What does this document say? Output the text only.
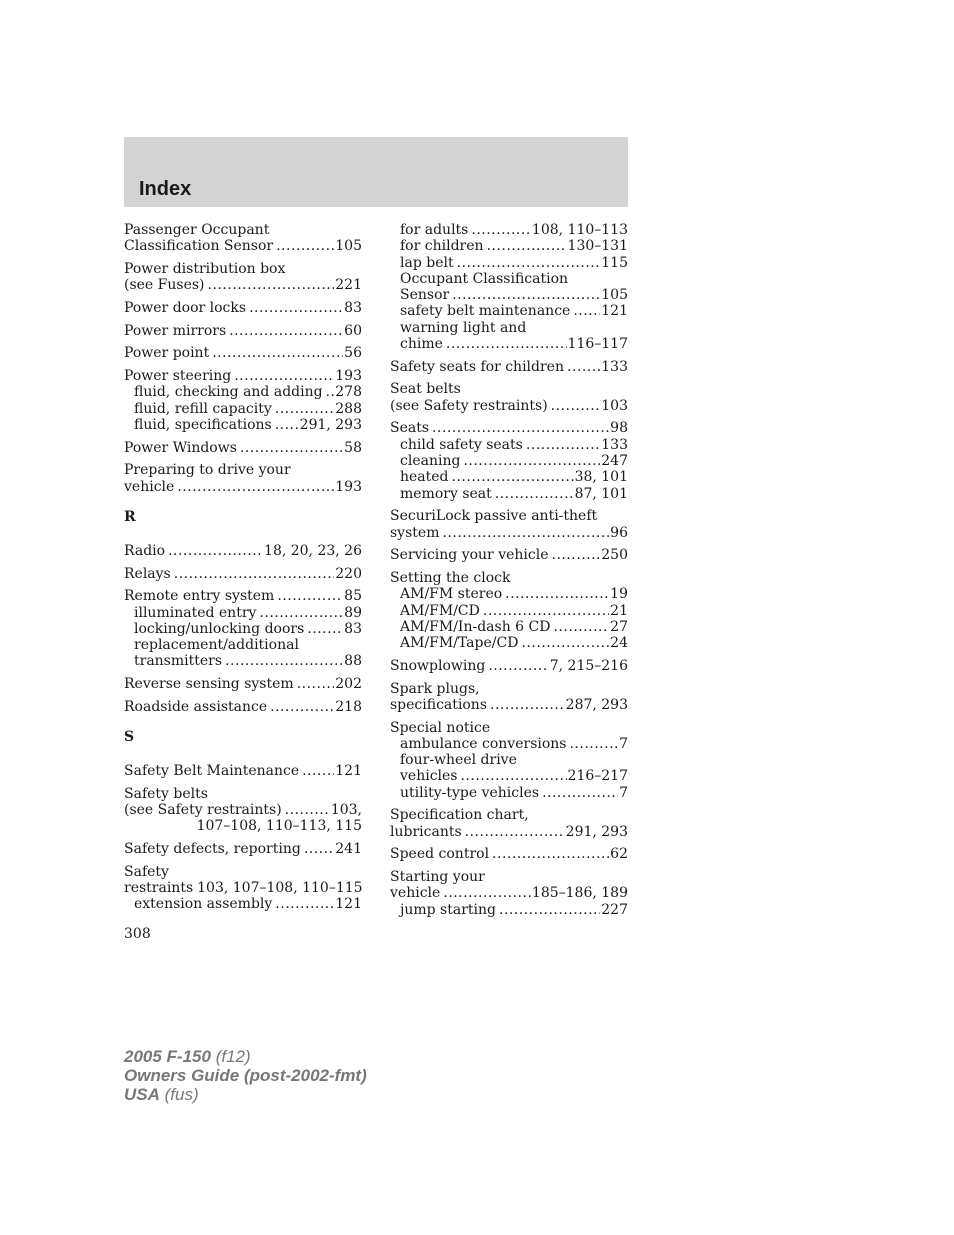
Index
Passenger Occupant
Classification Sensor .....	105
Power distribution box
(see Fuses) .....	221
Power door locks .....	83
Power mirrors .....	60
Power point .....	56
Power steering .....	193
fluid, checking and adding ..... 278
fluid, refill capacity .....	288
fluid, specifications ..... 291, 293
Power Windows .....	58
Preparing to drive your
vehicle .....	193
R
Radio .....	18, 20, 23, 26
Relays .....	220
Remote entry system .....	85
illuminated entry .....	89
locking/unlocking doors .....	83
replacement/additional
transmitters .....	88
Reverse sensing system .....	202
Roadside assistance .....	218
S
Safety Belt Maintenance .....	121
Safety belts
(see Safety restraints) .....	103,
107–108, 110–113, 115
Safety defects, reporting ..... 241
Safety
restraints 103, 107–108, 110–115
extension assembly .....	121
for adults .....	108, 110–113
for children .....	130–131
lap belt .....	115
Occupant Classification
Sensor .....	105
safety belt maintenance ..... 121
warning light and
chime .....	116–117
Safety seats for children .....	133
Seat belts
(see Safety restraints) .....	103
Seats .....	98
child safety seats .....	133
cleaning .....	247
heated .....	38, 101
memory seat .....	87, 101
SecuriLock passive anti-theft
system .....	96
Servicing your vehicle .....	250
Setting the clock
AM/FM stereo .....	19
AM/FM/CD .....	21
AM/FM/In-dash 6 CD .....	27
AM/FM/Tape/CD .....	24
Snowplowing .....	7, 215–216
Spark plugs,
specifications .....	287, 293
Special notice
ambulance conversions .....	7
four-wheel drive
vehicles .....	216–217
utility-type vehicles .....	7
Specification chart,
lubricants .....	291, 293
Speed control .....	62
Starting your
vehicle .....	185–186, 189
jump starting .....	227
308
2005 F-150 (f12)
Owners Guide (post-2002-fmt)
USA (fus)
